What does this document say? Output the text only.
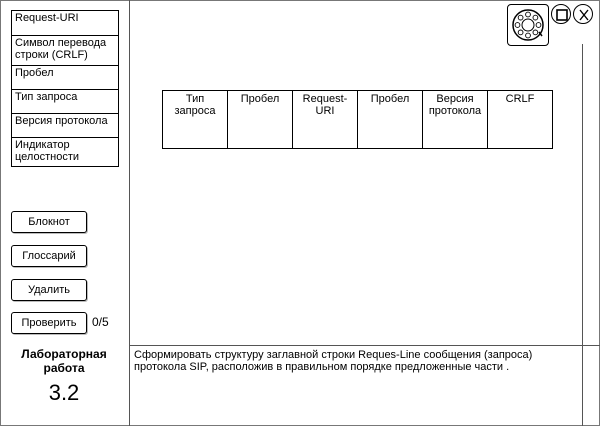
Request-URI
Символ перевода строки (CRLF)
Пробел
Тип запроса
Версия протокола
Индикатор целостности
Блокнот
Глоссарий
Удалить
Проверить	0/5
Лабораторная работа
3.2
Тип запроса	Пробел	Request-URI	Пробел	Версия протокола	CRLF
Сформировать структуру заглавной строки Reques-Line сообщения (запроса) протокола SIP, расположив в правильном порядке предложенные части .
